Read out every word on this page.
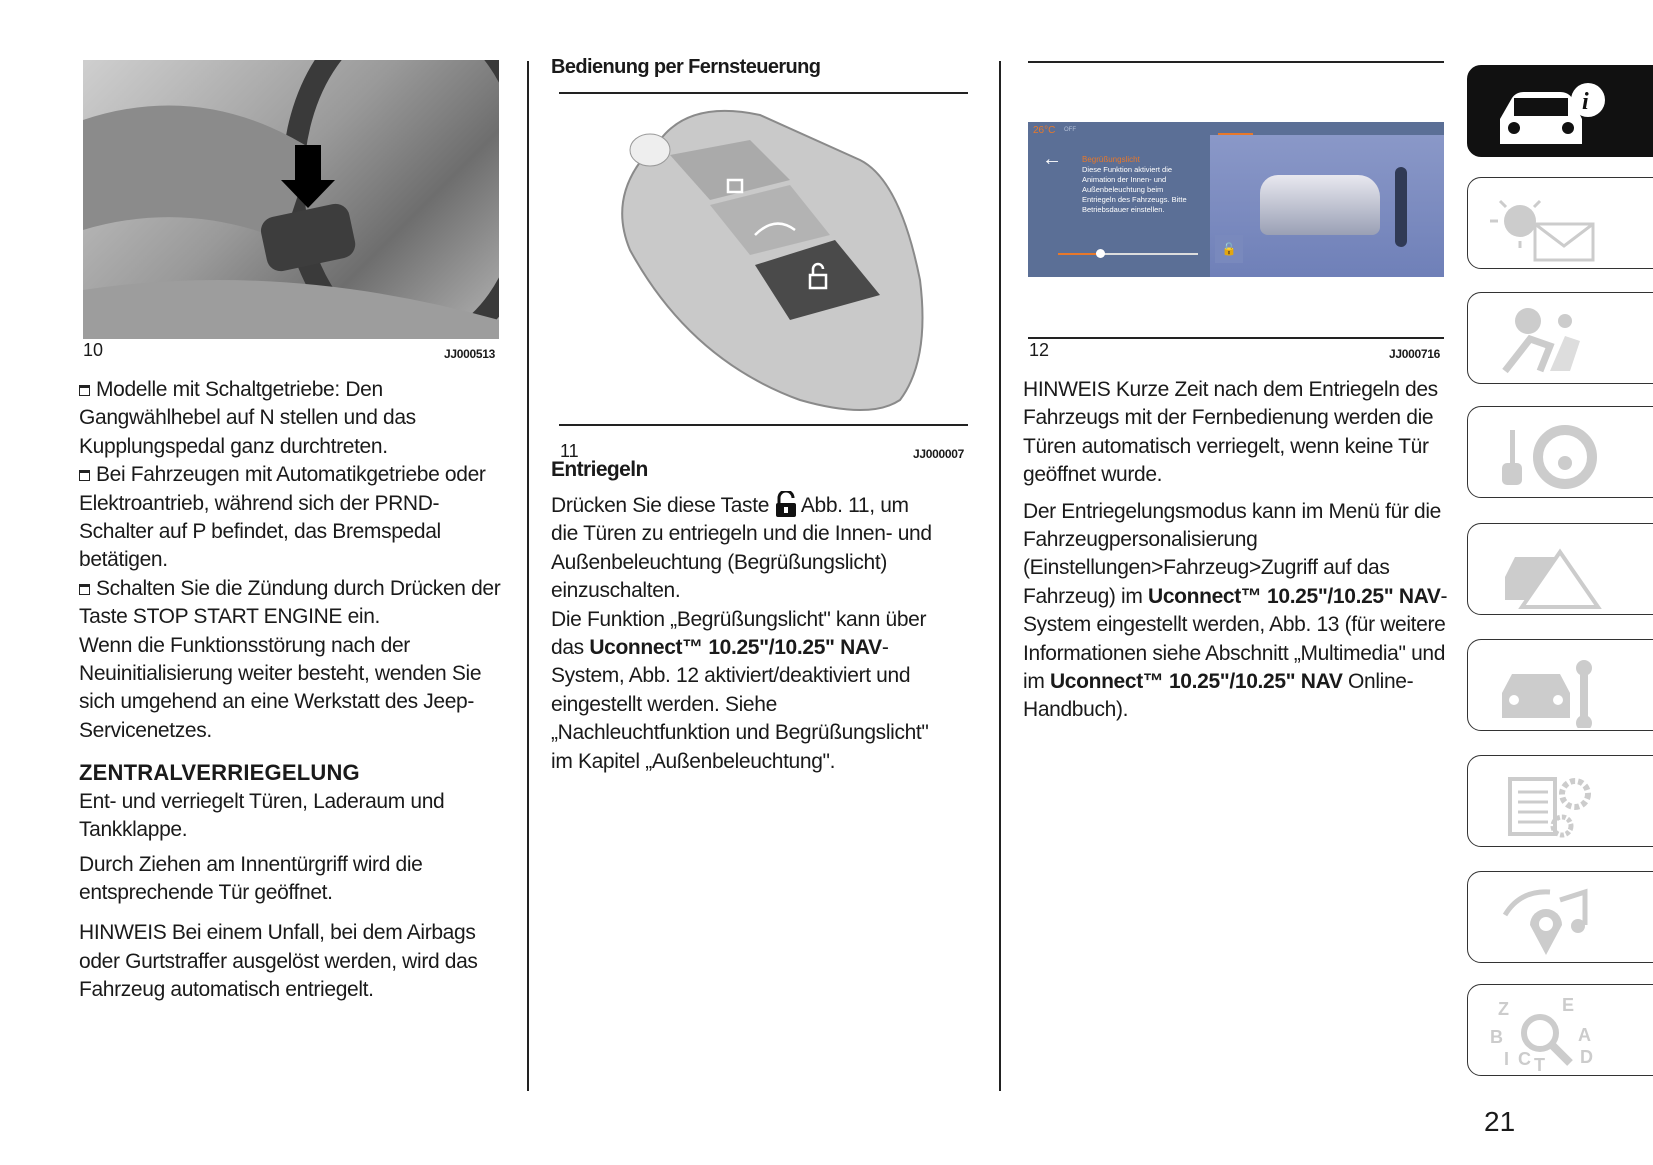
10	JJ000513

Modelle mit Schaltgetriebe: Den Gangwählhebel auf N stellen und das Kupplungspedal ganz durchtreten.

Bei Fahrzeugen mit Automatikgetriebe oder Elektroantrieb, während sich der PRND-Schalter auf P befindet, das Bremspedal betätigen.

Schalten Sie die Zündung durch Drücken der Taste STOP START ENGINE ein.

Wenn die Funktionsstörung nach der Neuinitialisierung weiter besteht, wenden Sie sich umgehend an eine Werkstatt des Jeep-Servicenetzes.

ZENTRALVERRIEGELUNG

Ent- und verriegelt Türen, Laderaum und Tankklappe.

Durch Ziehen am Innentürgriff wird die entsprechende Tür geöffnet.

HINWEIS Bei einem Unfall, bei dem Airbags oder Gurtstraffer ausgelöst werden, wird das Fahrzeug automatisch entriegelt.

Bedienung per Fernsteuerung
11	JJ000007
Entriegeln

Drücken Sie diese Taste Abb. 11, um die Türen zu entriegeln und die Innen- und Außenbeleuchtung (Begrüßungslicht) einzuschalten.

Die Funktion „Begrüßungslicht" kann über das Uconnect™ 10.25"/10.25" NAV-System, Abb. 12 aktiviert/deaktiviert und eingestellt werden. Siehe „Nachleuchtfunktion und Begrüßungslicht" im Kapitel „Außenbeleuchtung".

26°C OFF
←	Begrüßungslicht
Diese Funktion aktiviert die Animation der Innen- und Außenbeleuchtung beim Entriegeln des Fahrzeugs. Bitte Betriebsdauer einstellen.
🔓
12	JJ000716

HINWEIS Kurze Zeit nach dem Entriegeln des Fahrzeugs mit der Fernbedienung werden die Türen automatisch verriegelt, wenn keine Tür geöffnet wurde.

Der Entriegelungsmodus kann im Menü für die Fahrzeugpersonalisierung (Einstellungen>Fahrzeug>Zugriff auf das Fahrzeug) im Uconnect™ 10.25"/10.25" NAV-System eingestellt werden, Abb. 13 (für weitere Informationen siehe Abschnitt „Multimedia" und im Uconnect™ 10.25"/10.25" NAV Online-Handbuch).

i
Z	E
B	A
I C T D
21
